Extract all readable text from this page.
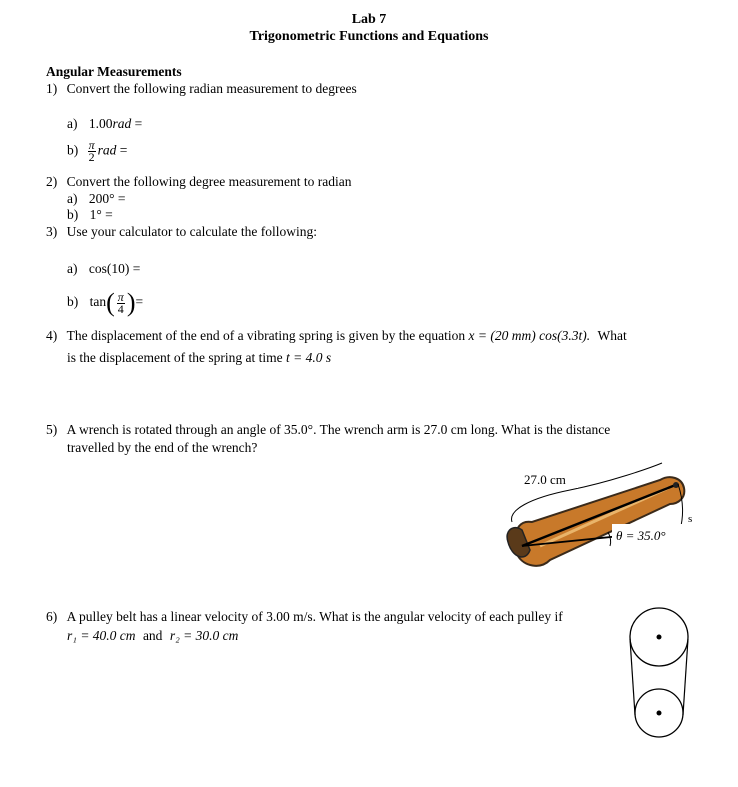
Lab 7
Trigonometric Functions and Equations
Angular Measurements
1) Convert the following radian measurement to degrees
a) 1.00rad =
$b) \frac{\pi}{2}$ rad =
2) Convert the following degree measurement to radian
a) 200° =
b) 1° =
3) Use your calculator to calculate the following:
a) cos(10) =
b) $\tan( \frac{\pi}{4}$ )=
4) The displacement of the end of a vibrating spring is given by the equation x = (20 mm) cos(3.3t). What
is the displacement of the spring at time t = 4.0 s
5) A wrench is rotated through an angle of 35.0°. The wrench arm is 27.0 cm long. What is the distance
travelled by the end of the wrench?
27.0 cm
s
θ = 35.0°
6) A pulley belt has a linear velocity of 3.00 m/s. What is the angular velocity of each pulley if
r₁ = 40.0 cm and r₂ = 30.0 cm
